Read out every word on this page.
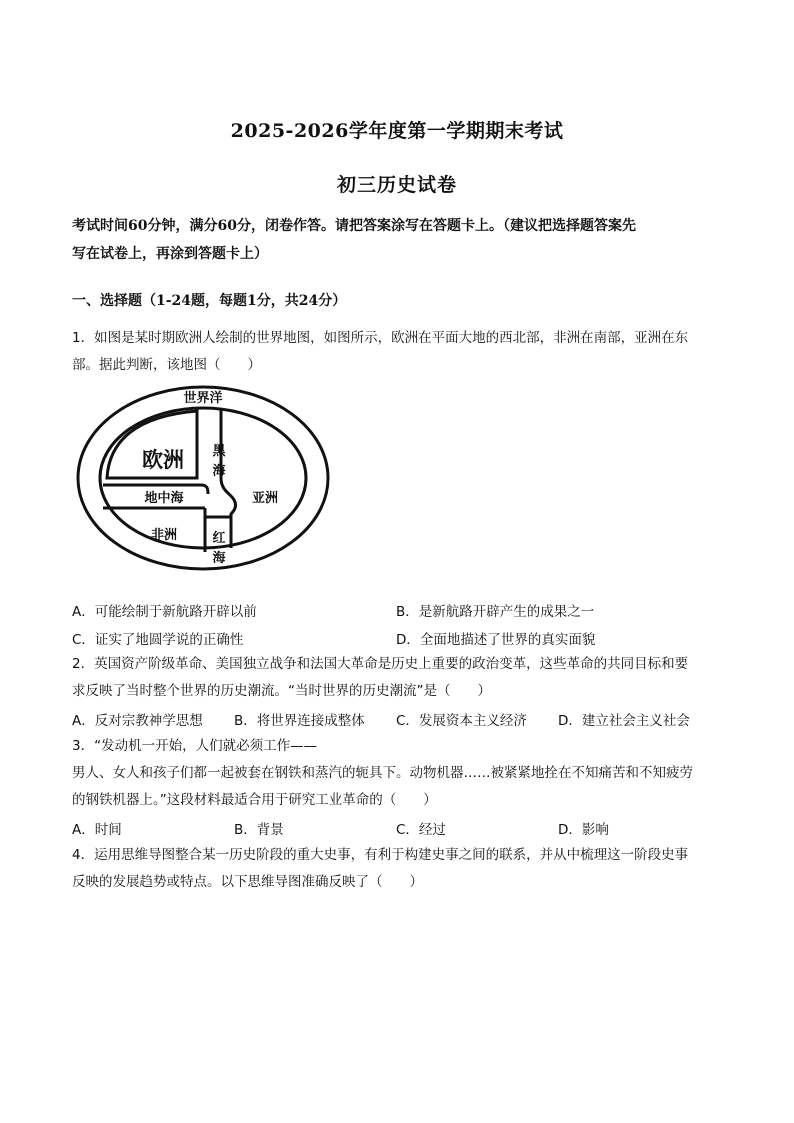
2025-2026学年度第一学期期末考试
初三历史试卷
考试时间60分钟，满分60分，闭卷作答。请把答案涂写在答题卡上。（建议把选择题答案先
写在试卷上，再涂到答题卡上）
一、选择题（1-24题，每题1分，共24分）
1．如图是某时期欧洲人绘制的世界地图，如图所示，欧洲在平面大地的西北部，非洲在南部，亚洲在东
部。据此判断，该地图（　　）
世界洋
欧洲 黑
海
地中海	亚洲
非洲	红
海
A．可能绘制于新航路开辟以前	B．是新航路开辟产生的成果之一
C．证实了地圆学说的正确性	D．全面地描述了世界的真实面貌
2．英国资产阶级革命、美国独立战争和法国大革命是历史上重要的政治变革，这些革命的共同目标和要
求反映了当时整个世界的历史潮流。“当时世界的历史潮流”是（　　）
A．反对宗教神学思想 B．将世界连接成整体 C．发展资本主义经济 D．建立社会主义社会
3．“发动机一开始，人们就必须工作——
男人、女人和孩子们都一起被套在钢铁和蒸汽的轭具下。动物机器……被紧紧地拴在不知痛苦和不知疲劳
的钢铁机器上。”这段材料最适合用于研究工业革命的（　　）
A．时间	B．背景	C．经过	D．影响
4．运用思维导图整合某一历史阶段的重大史事，有利于构建史事之间的联系，并从中梳理这一阶段史事
反映的发展趋势或特点。以下思维导图准确反映了（　　）
